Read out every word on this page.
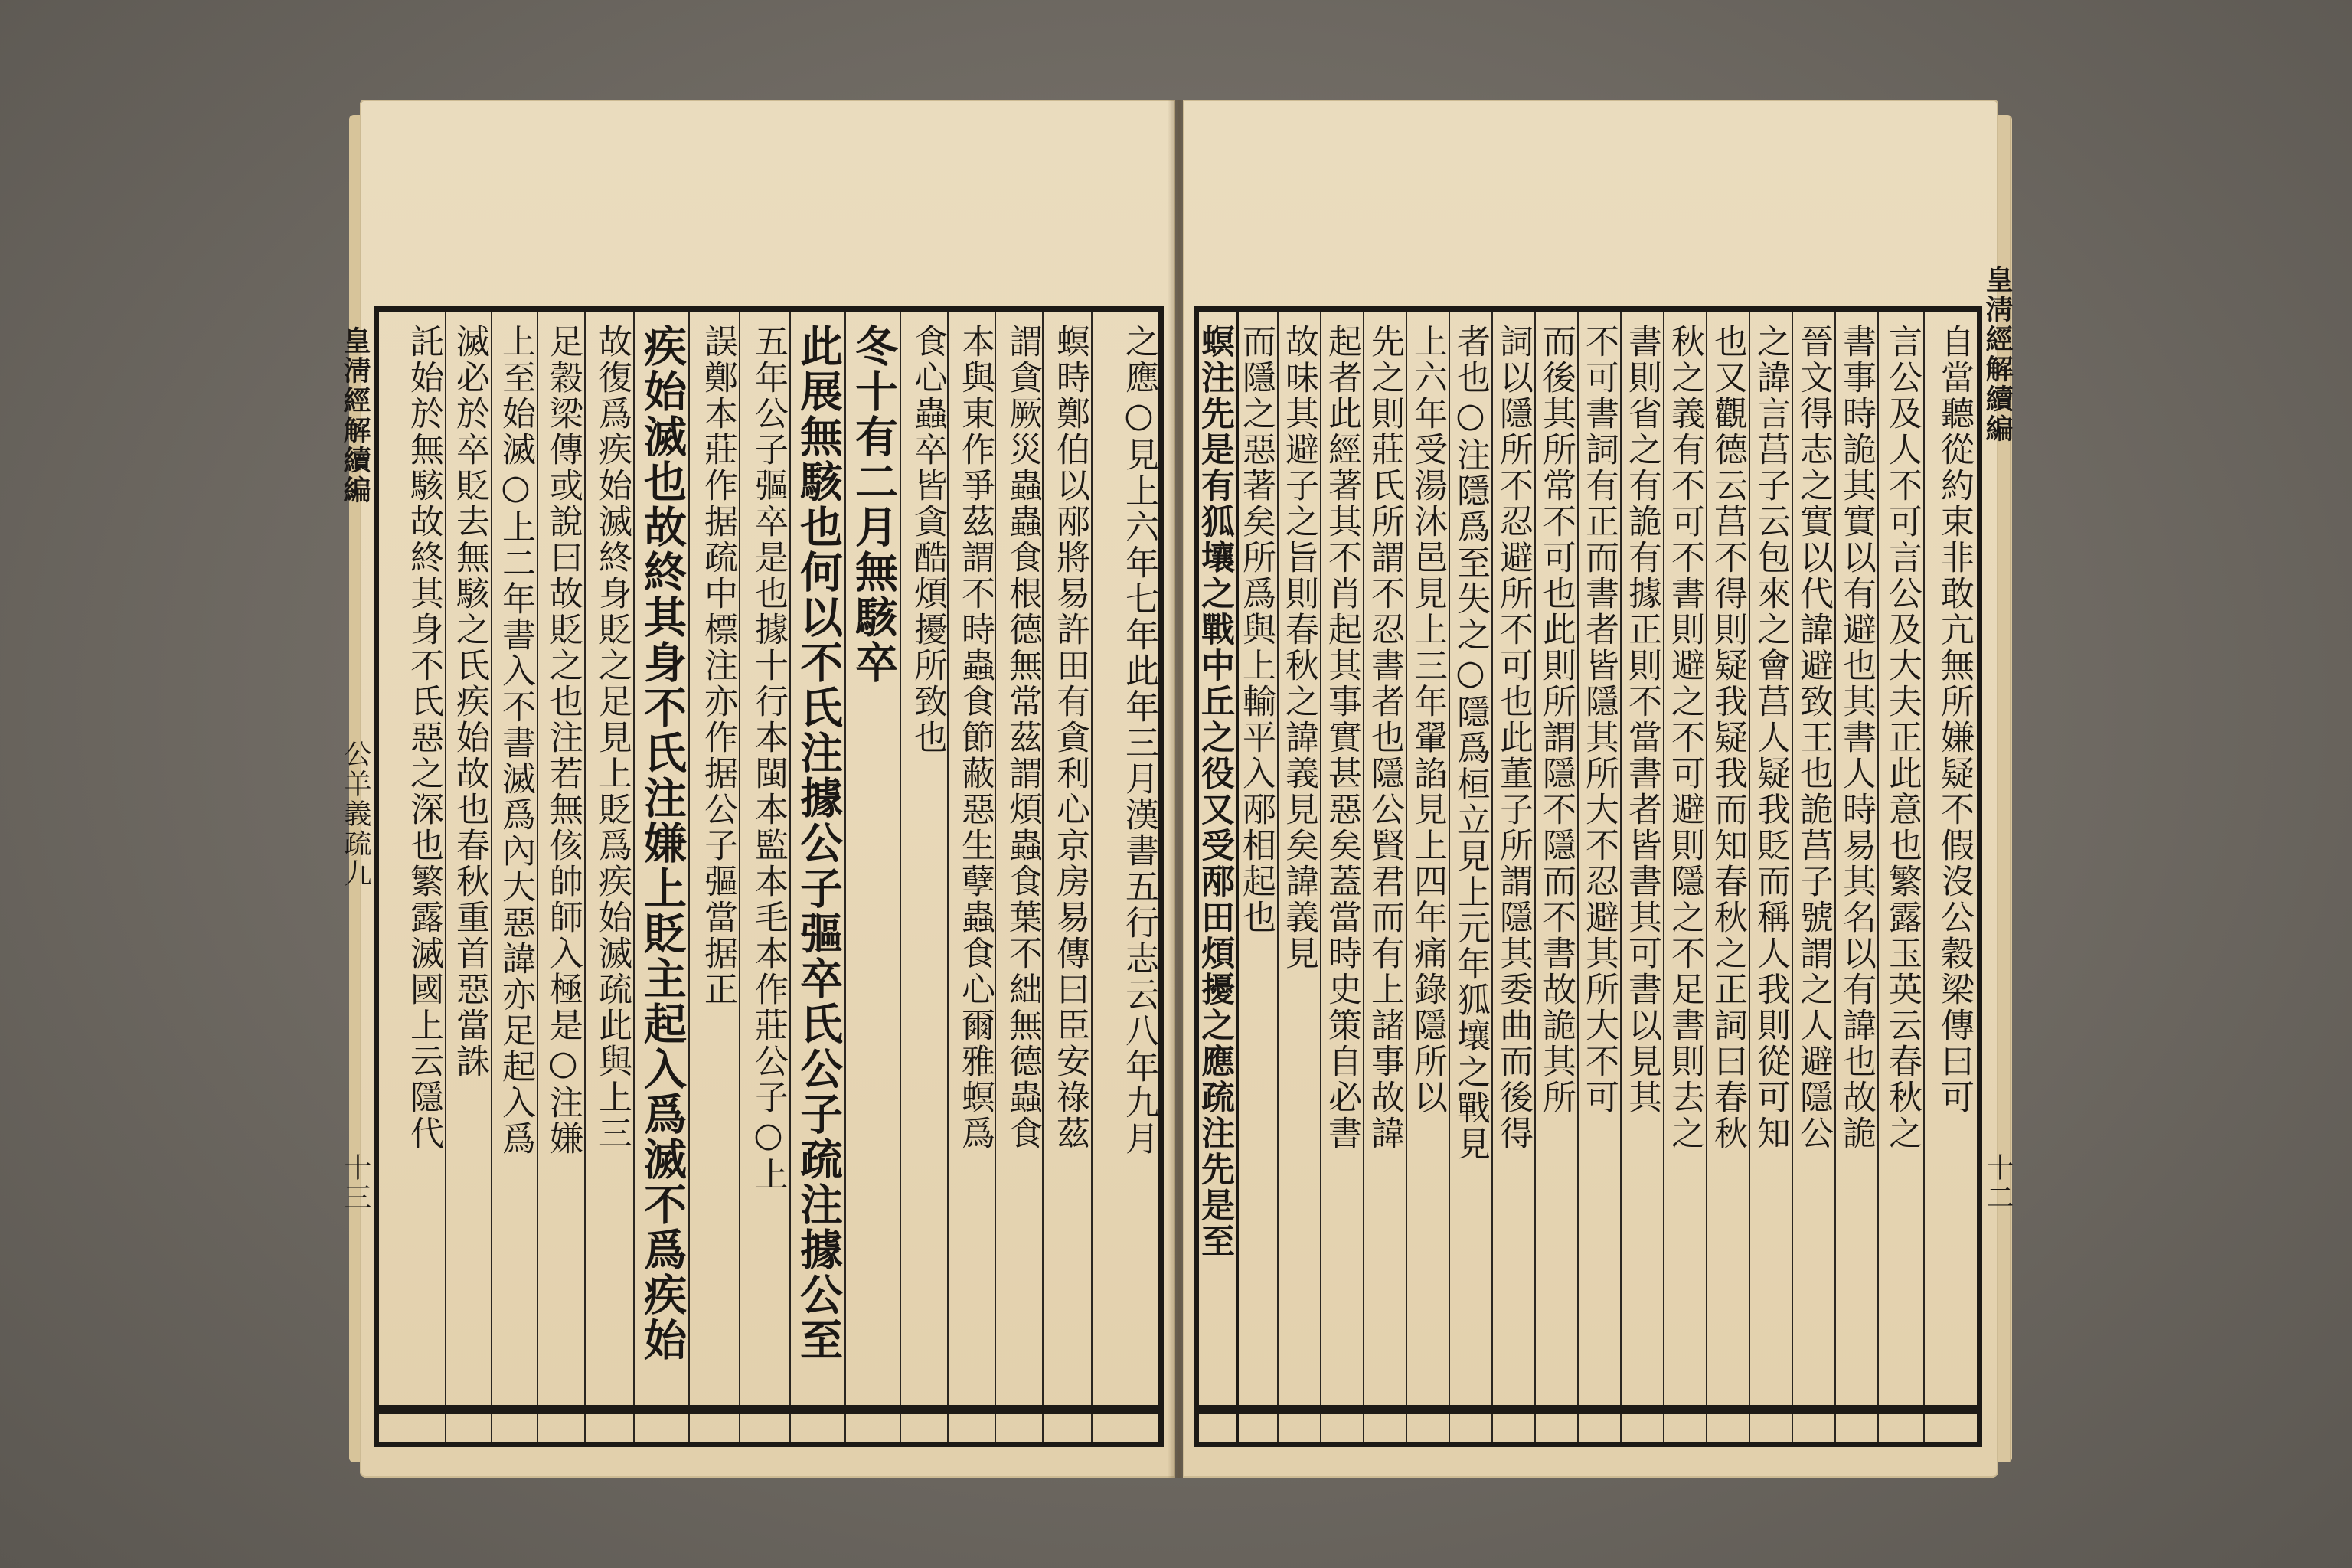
之應○見上六年七年此年三月漢書五行志云八年九月
螟時鄭伯以邴將易許田有貪利心京房易傳曰臣安祿茲
謂貪厥災蟲蟲食根德無常茲謂煩蟲食葉不絀無德蟲食
本與東作爭茲謂不時蟲食節蔽惡生孽蟲食心爾雅螟爲
食心蟲卒皆貪酷煩擾所致也
冬十有二月無駭卒
此展無駭也何以不氏注據公子彄卒氏公子疏注據公至
五年公子彄卒是也據十行本閩本監本毛本作莊公子○上
誤鄭本莊作据疏中標注亦作据公子彄當据正
疾始滅也故終其身不氏注嫌上貶主起入爲滅不爲疾始
故復爲疾始滅終身貶之足見上貶爲疾始滅疏此與上三
足穀梁傳或說曰故貶之也注若無侅帥師入極是○注嫌
上至始滅○上二年書入不書滅爲內大惡諱亦足起入爲
滅必於卒貶去無駭之氏疾始故也春秋重首惡當誅
託始於無駭故終其身不氏惡之深也繁露滅國上云隱代
皇淸經解續編
公羊義疏九
十三
自當聽從約束非敢亢無所嫌疑不假沒公穀梁傳曰可
言公及人不可言公及大夫正此意也繁露玉英云春秋之
書事時詭其實以有避也其書人時易其名以有諱也故詭
晉文得志之實以代諱避致王也詭莒子號謂之人避隱公
之諱言莒子云包來之會莒人疑我貶而稱人我則從可知
也又觀德云莒不得則疑我疑我而知春秋之正詞曰春秋
秋之義有不可不書則避之不可避則隱之不足書則去之
書則省之有詭有據正則不當書者皆書其可書以見其
不可書詞有正而書者皆隱其所大不忍避其所大不可
而後其所常不可也此則所謂隱不隱而不書故詭其所
詞以隱所不忍避所不可也此董子所謂隱其委曲而後得
者也○注隱爲至失之○隱爲桓立見上元年狐壤之戰見
上六年受湯沐邑見上三年翬諂見上四年痛錄隱所以
先之則莊氏所謂不忍書者也隱公賢君而有上諸事故諱
起者此經著其不肖起其事實甚惡矣蓋當時史策自必書
故味其避子之旨則春秋之諱義見矣諱義見
而隱之惡著矣所爲與上輸平入邴相起也
螟注先是有狐壤之戰中丘之役又受邴田煩擾之應疏注先是至	皇淸經解續編
十二
